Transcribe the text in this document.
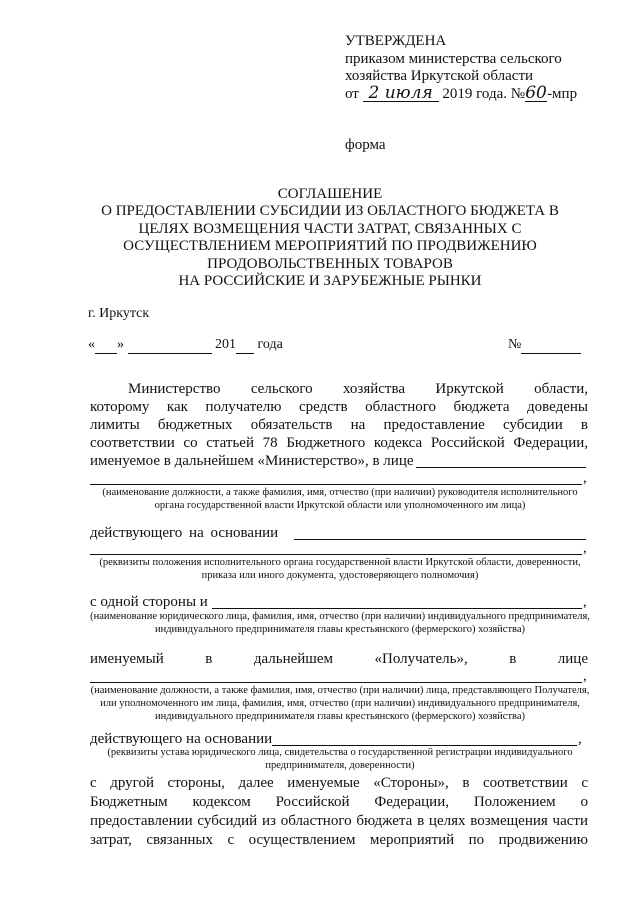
УТВЕРЖДЕНА
приказом министерства сельского
хозяйства Иркутской области
от 2 июля 2019 года. №60-мпр
форма
СОГЛАШЕНИЕ
О ПРЕДОСТАВЛЕНИИ СУБСИДИИ ИЗ ОБЛАСТНОГО БЮДЖЕТА В
ЦЕЛЯХ ВОЗМЕЩЕНИЯ ЧАСТИ ЗАТРАТ, СВЯЗАННЫХ С
ОСУЩЕСТВЛЕНИЕМ МЕРОПРИЯТИЙ ПО ПРОДВИЖЕНИЮ
ПРОДОВОЛЬСТВЕННЫХ ТОВАРОВ
НА РОССИЙСКИЕ И ЗАРУБЕЖНЫЕ РЫНКИ
г. Иркутск
« »	201 года	№
Министерство сельского хозяйства Иркутской области,
которому как получателю средств областного бюджета доведены
лимиты бюджетных обязательств на предоставление субсидии в
соответствии со статьей 78 Бюджетного кодекса Российской Федерации,
именуемое в дальнейшем «Министерство», в лице
,
(наименование должности, а также фамилия, имя, отчество (при наличии) руководителя исполнительного органа государственной власти Иркутской области или уполномоченного им лица)
действующего на основании
,
(реквизиты положения исполнительного органа государственной власти Иркутской области, доверенности, приказа или иного документа, удостоверяющего полномочия)
с одной стороны и	,
(наименование юридического лица, фамилия, имя, отчество (при наличии) индивидуального предпринимателя, индивидуального предпринимателя главы крестьянского (фермерского) хозяйства)
именуемый в дальнейшем «Получатель», в лице
,
(наименование должности, а также фамилия, имя, отчество (при наличии) лица, представляющего Получателя, или уполномоченного им лица, фамилия, имя, отчество (при наличии) индивидуального предпринимателя, индивидуального предпринимателя главы крестьянского (фермерского) хозяйства)
действующего на основании	,
(реквизиты устава юридического лица, свидетельства о государственной регистрации индивидуального предпринимателя, доверенности)
с другой стороны, далее именуемые «Стороны», в соответствии с
Бюджетным кодексом Российской Федерации, Положением о
предоставлении субсидий из областного бюджета в целях возмещения части
затрат, связанных с осуществлением мероприятий по продвижению
